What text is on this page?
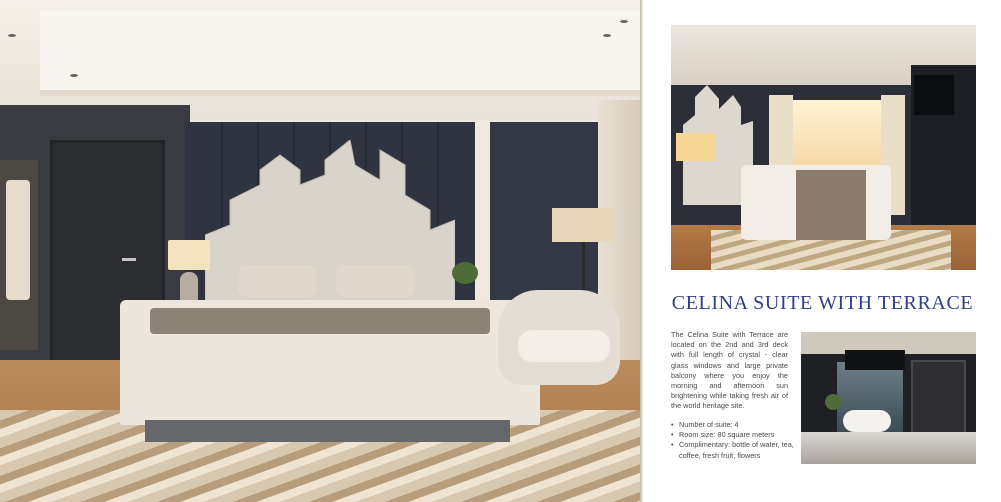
CELINA SUITE WITH TERRACE

The Celina Suite with Terrace are located on the 2nd and 3rd deck with full length of crystal - clear glass windows and large private balcony where you enjoy the morning and afternoon sun brightening while taking fresh air of the world heritage site.

• Number of suite: 4
• Room size: 80 square meters
• Complimentary: bottle of water, tea, coffee, fresh fruit, flowers
